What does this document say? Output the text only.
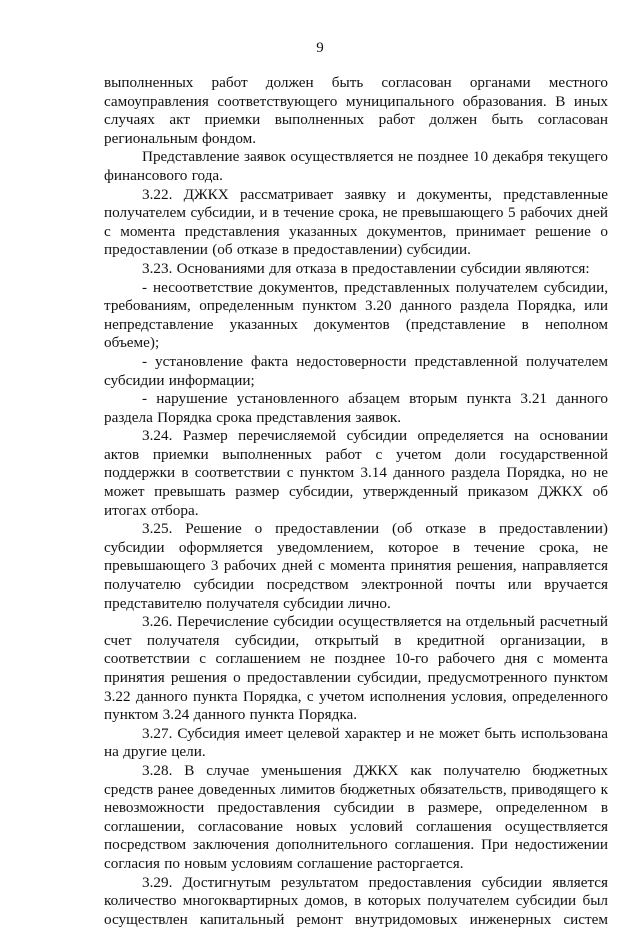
9

выполненных работ должен быть согласован органами местного самоуправления соответствующего муниципального образования. В иных случаях акт приемки выполненных работ должен быть согласован региональным фондом.

Представление заявок осуществляется не позднее 10 декабря текущего финансового года.

3.22. ДЖКХ рассматривает заявку и документы, представленные получателем субсидии, и в течение срока, не превышающего 5 рабочих дней с момента представления указанных документов, принимает решение о предоставлении (об отказе в предоставлении) субсидии.

3.23. Основаниями для отказа в предоставлении субсидии являются:

- несоответствие документов, представленных получателем субсидии, требованиям, определенным пунктом 3.20 данного раздела Порядка, или непредставление указанных документов (представление в неполном объеме);

- установление факта недостоверности представленной получателем субсидии информации;

- нарушение установленного абзацем вторым пункта 3.21 данного раздела Порядка срока представления заявок.

3.24. Размер перечисляемой субсидии определяется на основании актов приемки выполненных работ с учетом доли государственной поддержки в соответствии с пунктом 3.14 данного раздела Порядка, но не может превышать размер субсидии, утвержденный приказом ДЖКХ об итогах отбора.

3.25. Решение о предоставлении (об отказе в предоставлении) субсидии оформляется уведомлением, которое в течение срока, не превышающего 3 рабочих дней с момента принятия решения, направляется получателю субсидии посредством электронной почты или вручается представителю получателя субсидии лично.

3.26. Перечисление субсидии осуществляется на отдельный расчетный счет получателя субсидии, открытый в кредитной организации, в соответствии с соглашением не позднее 10-го рабочего дня с момента принятия решения о предоставлении субсидии, предусмотренного пунктом 3.22 данного пункта Порядка, с учетом исполнения условия, определенного пунктом 3.24 данного пункта Порядка.

3.27. Субсидия имеет целевой характер и не может быть использована на другие цели.

3.28. В случае уменьшения ДЖКХ как получателю бюджетных средств ранее доведенных лимитов бюджетных обязательств, приводящего к невозможности предоставления субсидии в размере, определенном в соглашении, согласование новых условий соглашения осуществляется посредством заключения дополнительного соглашения. При недостижении согласия по новым условиям соглашение расторгается.

3.29. Достигнутым результатом предоставления субсидии является количество многоквартирных домов, в которых получателем субсидии был осуществлен капитальный ремонт внутридомовых инженерных систем
